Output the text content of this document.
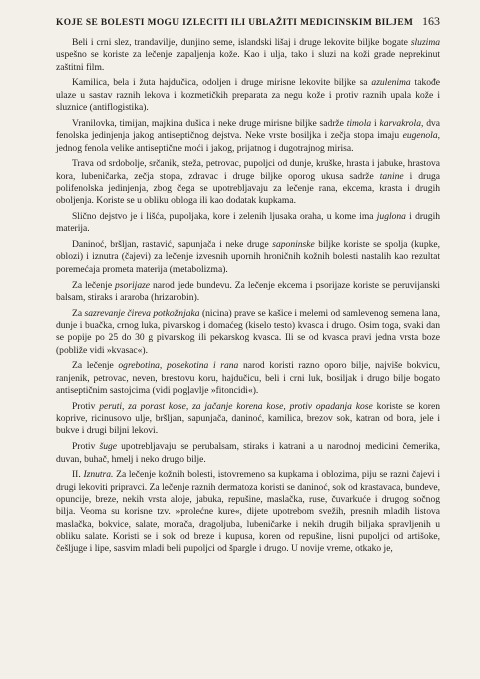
KOJE SE BOLESTI MOGU IZLECITI ILI UBLAŽITI MEDICINSKIM BILJEM 163

Beli i crni slez, trandavilje, dunjino seme, islandski lišaj i druge lekovite biljke bogate sluzima uspešno se koriste za lečenje zapaljenja kože. Kao i ulja, tako i sluzi na koži grade neprekinut zaštitni film.

Kamilica, bela i žuta hajdučica, odoljen i druge mirisne lekovite biljke sa azulenima takođe ulaze u sastav raznih lekova i kozmetičkih preparata za negu kože i protiv raznih upala kože i sluznice (antiflogistika).

Vranilovka, timijan, majkina dušica i neke druge mirisne biljke sadrže timola i karvakrola, dva fenolska jedinjenja jakog antiseptičnog dejstva. Neke vrste bosiljka i zečja stopa imaju eugenola, jednog fenola velike antiseptične moći i jakog, prijatnog i dugotrajnog mirisa.

Trava od srdobolje, srčanik, steža, petrovac, pupoljci od dunje, kruške, hrasta i jabuke, hrastova kora, lubeničarka, zečja stopa, zdravac i druge biljke oporog ukusa sadrže tanine i druga polifenolska jedinjenja, zbog čega se upotrebljavaju za lečenje rana, ekcema, krasta i drugih oboljenja. Koriste se u obliku obloga ili kao dodatak kupkama.

Slično dejstvo je i lišća, pupoljaka, kore i zelenih ljusaka oraha, u kome ima juglona i drugih materija.

Daninoć, bršljan, rastavić, sapunjača i neke druge saponinske biljke koriste se spolja (kupke, oblozi) i iznutra (čajevi) za lečenje izvesnih upornih hroničnih kožnih bolesti nastalih kao rezultat poremećaja prometa materija (metabolizma).

Za lečenje psorijaze narod jede bundevu. Za lečenje ekcema i psorijaze koriste se peruvijanski balsam, stiraks i araroba (hrizarobin).

Za sazrevanje čireva potkožnjaka (nicina) prave se kašice i melemi od samlevenog semena lana, dunje i buačka, crnog luka, pivarskog i domaćeg (kiselo testo) kvasca i drugo. Osim toga, svaki dan se popije po 25 do 30 g pivarskog ili pekarskog kvasca. Ili se od kvasca pravi jedna vrsta boze (pobliže vidi »kvasac«).

Za lečenje ogrebotina, posekotina i rana narod koristi razno oporo bilje, najviše bokvicu, ranjenik, petrovac, neven, brestovu koru, hajdučicu, beli i crni luk, bosiljak i drugo bilje bogato antiseptičnim sastojcima (vidi pogļavlje »fitoncidi«).

Protiv peruti, za porast kose, za jačanje korena kose, protiv opadanja kose koriste se koren koprive, ricinusovo ulje, bršljan, sapunjača, daninoć, kamilica, brezov sok, katran od bora, jele i bukve i drugi biljni lekovi.

Protiv šuge upotrebljavaju se perubalsam, stiraks i katrani a u narodnoj medicini čemerika, duvan, buhač, hmelj i neko drugo bilje.

II. Iznutra. Za lečenje kožnih bolesti, istovremeno sa kupkama i oblozima, piju se razni čajevi i drugi lekoviti pripravci. Za lečenje raznih dermatoza koristi se daninoć, sok od krastavaca, bundeve, opuncije, breze, nekih vrsta aloje, jabuka, repušine, maslačka, ruse, čuvarkuće i drugog sočnog bilja. Veoma su korisne tzv. »prolećne kure«, dijete upotrebom svežih, presnih mladih listova maslačka, bokvice, salate, morača, dragoljuba, lubeničarke i nekih drugih biljaka spravljenih u obliku salate. Koristi se i sok od breze i kupusa, koren od repušine, lisni pupoljci od artišoke, češljuge i lipe, sasvim mladi beli pupoljci od špargle i drugo. U novije vreme, otkako je,
